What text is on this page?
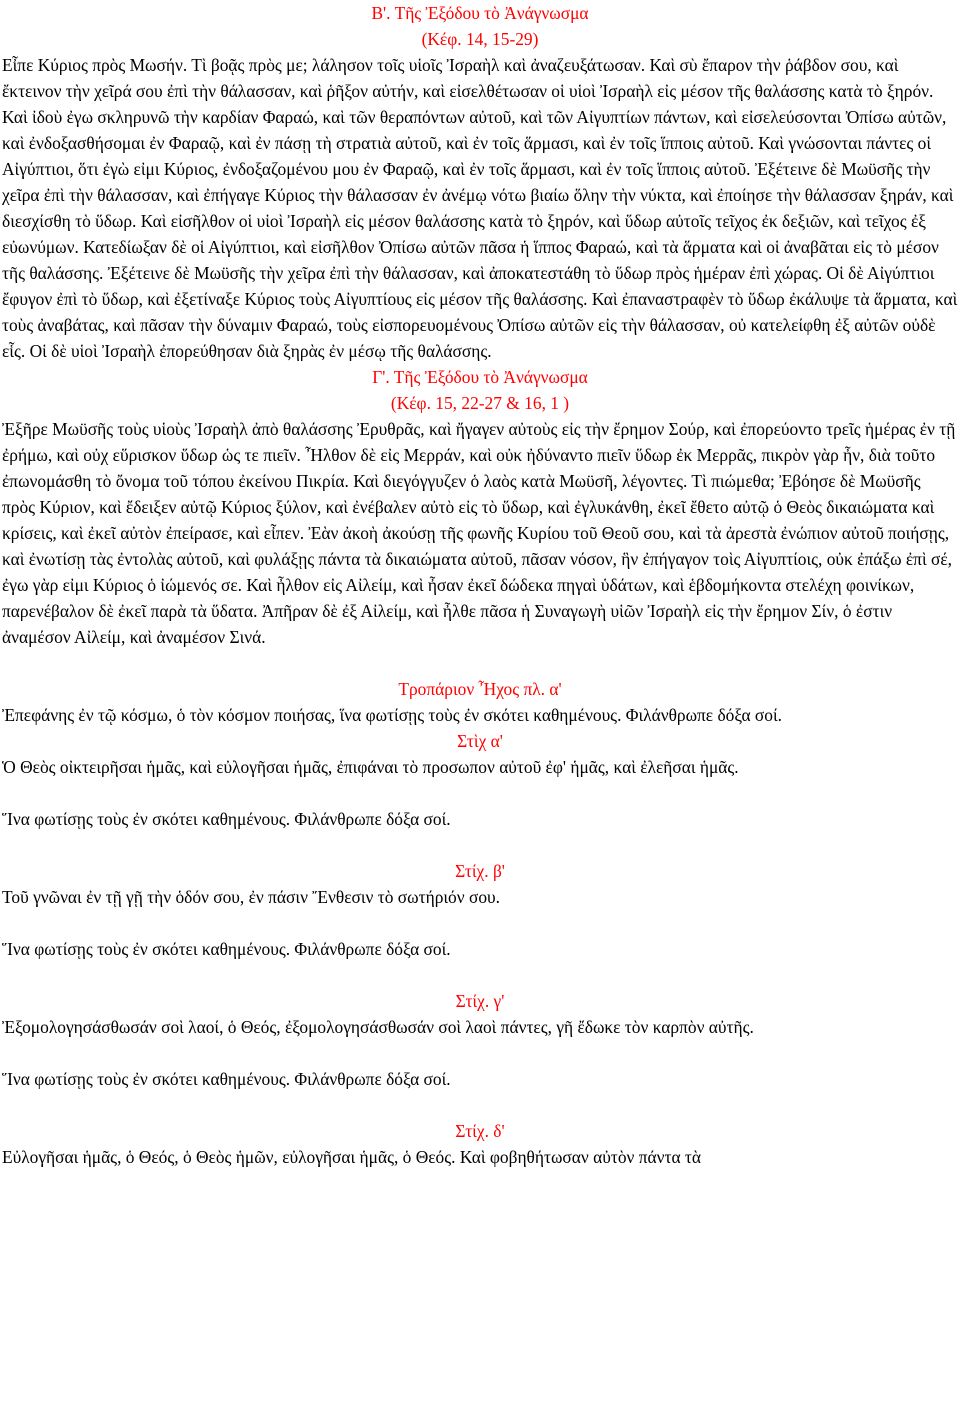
Β'. Τῆς Ἐξόδου τὸ Ἀνάγνωσμα

(Κέφ. 14, 15-29)

Εἶπε Κύριος πρὸς Μωσήν. Τὶ βοᾷς πρὸς με; λάλησον τοῖς υἱοῖς Ἰσραὴλ καὶ ἀναζευξάτωσαν. Καὶ σὺ ἔπαρον τὴν ῥάβδον σου, καὶ ἔκτεινον τὴν χεῖρά σου ἐπὶ τὴν θάλασσαν, καὶ ῥῆξον αὐτήν, καὶ εἰσελθέτωσαν οἱ υἱοὶ Ἰσραὴλ εἰς μέσον τῆς θαλάσσης κατὰ τὸ ξηρόν. Καὶ ἰδοὺ ἐγω σκληρυνῶ τὴν καρδίαν Φαραώ, καὶ τῶν θεραπόντων αὐτοῦ, καὶ τῶν Αἰγυπτίων πάντων, καὶ εἰσελεύσονται Ὀπίσω αὐτῶν, καὶ ἐνδοξασθήσομαι ἐν Φαραῷ, καὶ ἐν πάσῃ τὴ στρατιὰ αὐτοῦ, καὶ ἐν τοῖς ἅρμασι, καὶ ἐν τοῖς ἵπποις αὐτοῦ. Καὶ γνώσονται πάντες οἱ Αἰγύπτιοι, ὅτι ἐγὼ εἰμι Κύριος, ἐνδοξαζομένου μου ἐν Φαραῷ, καὶ ἐν τοῖς ἅρμασι, καὶ ἐν τοῖς ἵπποις αὐτοῦ. Ἐξέτεινε δὲ Μωϋσῆς τὴν χεῖρα ἐπὶ τὴν θάλασσαν, καὶ ἐπήγαγε Κύριος τὴν θάλασσαν ἐν ἀνέμῳ νότω βιαίω ὅλην τὴν νύκτα, καὶ ἐποίησε τὴν θάλασσαν ξηράν, καὶ διεσχίσθη τὸ ὕδωρ. Καὶ εἰσῆλθον οἱ υἱοὶ Ἰσραὴλ εἰς μέσον θαλάσσης κατὰ τὸ ξηρόν, καὶ ὕδωρ αὐτοῖς τεῖχος ἐκ δεξιῶν, καὶ τεῖχος ἐξ εὐωνύμων. Κατεδίωξαν δὲ οἱ Αἰγύπτιοι, καὶ εἰσῆλθον Ὀπίσω αὐτῶν πᾶσα ἡ ἵππος Φαραώ, καὶ τὰ ἅρματα καὶ οἱ ἀναβᾶται εἰς τὸ μέσον τῆς θαλάσσης. Ἐξέτεινε δὲ Μωϋσῆς τὴν χεῖρα ἐπὶ τὴν θάλασσαν, καὶ ἀποκατεστάθη τὸ ὕδωρ πρὸς ἡμέραν ἐπὶ χώρας. Οἱ δὲ Αἰγύπτιοι ἔφυγον ἐπὶ τὸ ὕδωρ, καὶ ἐξετίναξε Κύριος τοὺς Αἰγυπτίους εἰς μέσον τῆς θαλάσσης. Καὶ ἐπαναστραφὲν τὸ ὕδωρ ἐκάλυψε τὰ ἅρματα, καὶ τοὺς ἀναβάτας, καὶ πᾶσαν τὴν δύναμιν Φαραώ, τοὺς εἰσπορευομένους Ὀπίσω αὐτῶν εἰς τὴν θάλασσαν, οὐ κατελείφθη ἐξ αὐτῶν οὐδὲ εἷς. Οἱ δὲ υἱοὶ Ἰσραὴλ ἐπορεύθησαν διὰ ξηρὰς ἐν μέσῳ τῆς θαλάσσης.

Γ'. Τῆς Ἐξόδου τὸ Ἀνάγνωσμα

(Κέφ. 15, 22-27 & 16, 1 )

Ἐξῆρε Μωϋσῆς τοὺς υἱοὺς Ἰσραὴλ ἀπὸ θαλάσσης Ἐρυθρᾶς, καὶ ἤγαγεν αὐτοὺς εἰς τὴν ἔρημον Σούρ, καὶ ἐπορεύοντο τρεῖς ἡμέρας ἐν τῇ ἐρήμω, καὶ οὐχ εὕρισκον ὕδωρ ὡς τε πιεῖν. Ἦλθον δὲ εἰς Μερράν, καὶ οὐκ ἠδύναντο πιεῖν ὕδωρ ἐκ Μερρᾶς, πικρὸν γὰρ ἦν, διὰ τοῦτο ἐπωνομάσθη τὸ ὄνομα τοῦ τόπου ἐκείνου Πικρία. Καὶ διεγόγγυζεν ὁ λαὸς κατὰ Μωϋσῆ, λέγοντες. Τὶ πιώμεθα; Ἐβόησε δὲ Μωϋσῆς πρὸς Κύριον, καὶ ἔδειξεν αὐτῷ Κύριος ξύλον, καὶ ἐνέβαλεν αὐτὸ εἰς τὸ ὕδωρ, καὶ ἐγλυκάνθη, ἐκεῖ ἔθετο αὐτῷ ὁ Θεὸς δικαιώματα καὶ κρίσεις, καὶ ἐκεῖ αὐτὸν ἐπείρασε, καὶ εἶπεν. Ἐὰν ἀκοὴ ἀκούσῃ τῆς φωνῆς Κυρίου τοῦ Θεοῦ σου, καὶ τὰ ἀρεστὰ ἐνώπιον αὐτοῦ ποιήσῃς, καὶ ἐνωτίσῃ τὰς ἐντολὰς αὐτοῦ, καὶ φυλάξῃς πάντα τὰ δικαιώματα αὐτοῦ, πᾶσαν νόσον, ἣν ἐπήγαγον τοὶς Αἰγυπτίοις, οὐκ ἐπάξω ἐπὶ σέ, ἐγω γὰρ εἰμι Κύριος ὁ ἰώμενός σε. Καὶ ἦλθον εἰς Αἰλείμ, καὶ ἦσαν ἐκεῖ δώδεκα πηγαὶ ὑδάτων, καὶ ἑβδομήκοντα στελέχη φοινίκων, παρενέβαλον δὲ ἐκεῖ παρὰ τὰ ὕδατα. Ἀπῆραν δὲ ἐξ Αἰλείμ, καὶ ἦλθε πᾶσα ἡ Συναγωγὴ υἱῶν Ἰσραὴλ εἰς τὴν ἔρημον Σίν, ὁ ἐστιν ἀναμέσον Αἰλείμ, καὶ ἀναμέσον Σινά.

Τροπάριον Ἦχος πλ. α'

Ἐπεφάνης ἐν τῷ κόσμω, ὁ τὸν κόσμον ποιήσας, ἵνα φωτίσῃς τοὺς ἐν σκότει καθημένους. Φιλάνθρωπε δόξα σοί.

Στὶχ α'

Ὁ Θεὸς οἰκτειρῆσαι ἡμᾶς, καὶ εὐλογῆσαι ἡμᾶς, ἐπιφάναι τὸ προσωπον αὐτοῦ ἐφ' ἡμᾶς, καὶ ἐλεῆσαι ἡμᾶς.

Ἵνα φωτίσῃς τοὺς ἐν σκότει καθημένους. Φιλάνθρωπε δόξα σοί.

Στίχ. β'

Τοῦ γνῶναι ἐν τῇ γῇ τὴν ὁδόν σου, ἐν πάσιν Ἔνθεσιν τὸ σωτήριόν σου.

Ἵνα φωτίσῃς τοὺς ἐν σκότει καθημένους. Φιλάνθρωπε δόξα σοί.

Στίχ. γ'

Ἐξομολογησάσθωσάν σοὶ λαοί, ὁ Θεός, ἐξομολογησάσθωσάν σοὶ λαοὶ πάντες, γῆ ἔδωκε τὸν καρπὸν αὐτῆς.

Ἵνα φωτίσῃς τοὺς ἐν σκότει καθημένους. Φιλάνθρωπε δόξα σοί.

Στίχ. δ'

Εὐλογῆσαι ἡμᾶς, ὁ Θεός, ὁ Θεὸς ἡμῶν, εὐλογῆσαι ἡμᾶς, ὁ Θεός. Καὶ φοβηθήτωσαν αὐτὸν πάντα τὰ
